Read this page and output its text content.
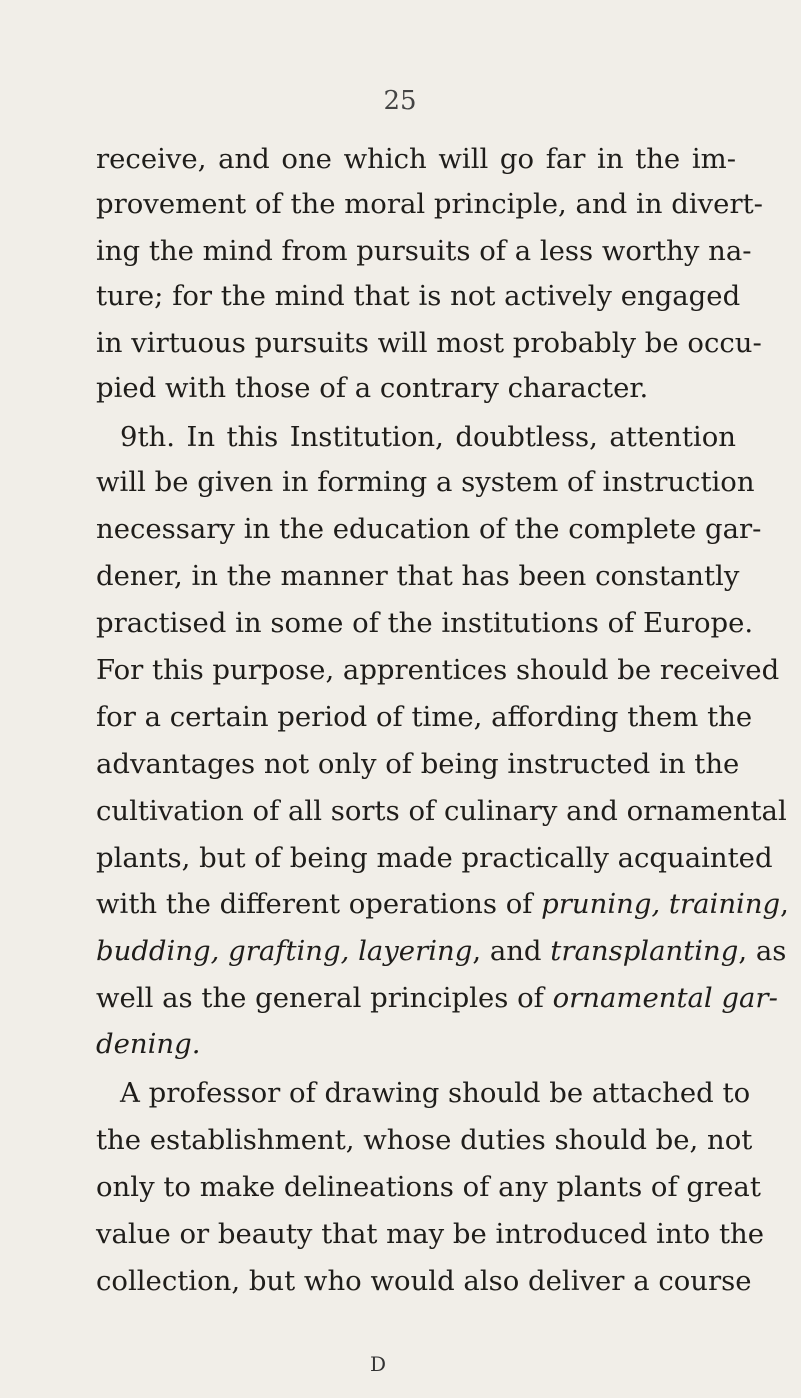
25
receive, and one which will go far in the im-
provement of the moral principle, and in divert-
ing the mind from pursuits of a less worthy na-
ture; for the mind that is not actively engaged
in virtuous pursuits will most probably be occu-
pied with those of a contrary character.
9th. In this Institution, doubtless, attention
will be given in forming a system of instruction
necessary in the education of the complete gar-
dener, in the manner that has been constantly
practised in some of the institutions of Europe.
For this purpose, apprentices should be received
for a certain period of time, affording them the
advantages not only of being instructed in the
cultivation of all sorts of culinary and ornamental
plants, but of being made practically acquainted
with the different operations of pruning, training,
budding, grafting, layering, and transplanting, as
well as the general principles of ornamental gar-
dening.
A professor of drawing should be attached to
the establishment, whose duties should be, not
only to make delineations of any plants of great
value or beauty that may be introduced into the
collection, but who would also deliver a course
D
